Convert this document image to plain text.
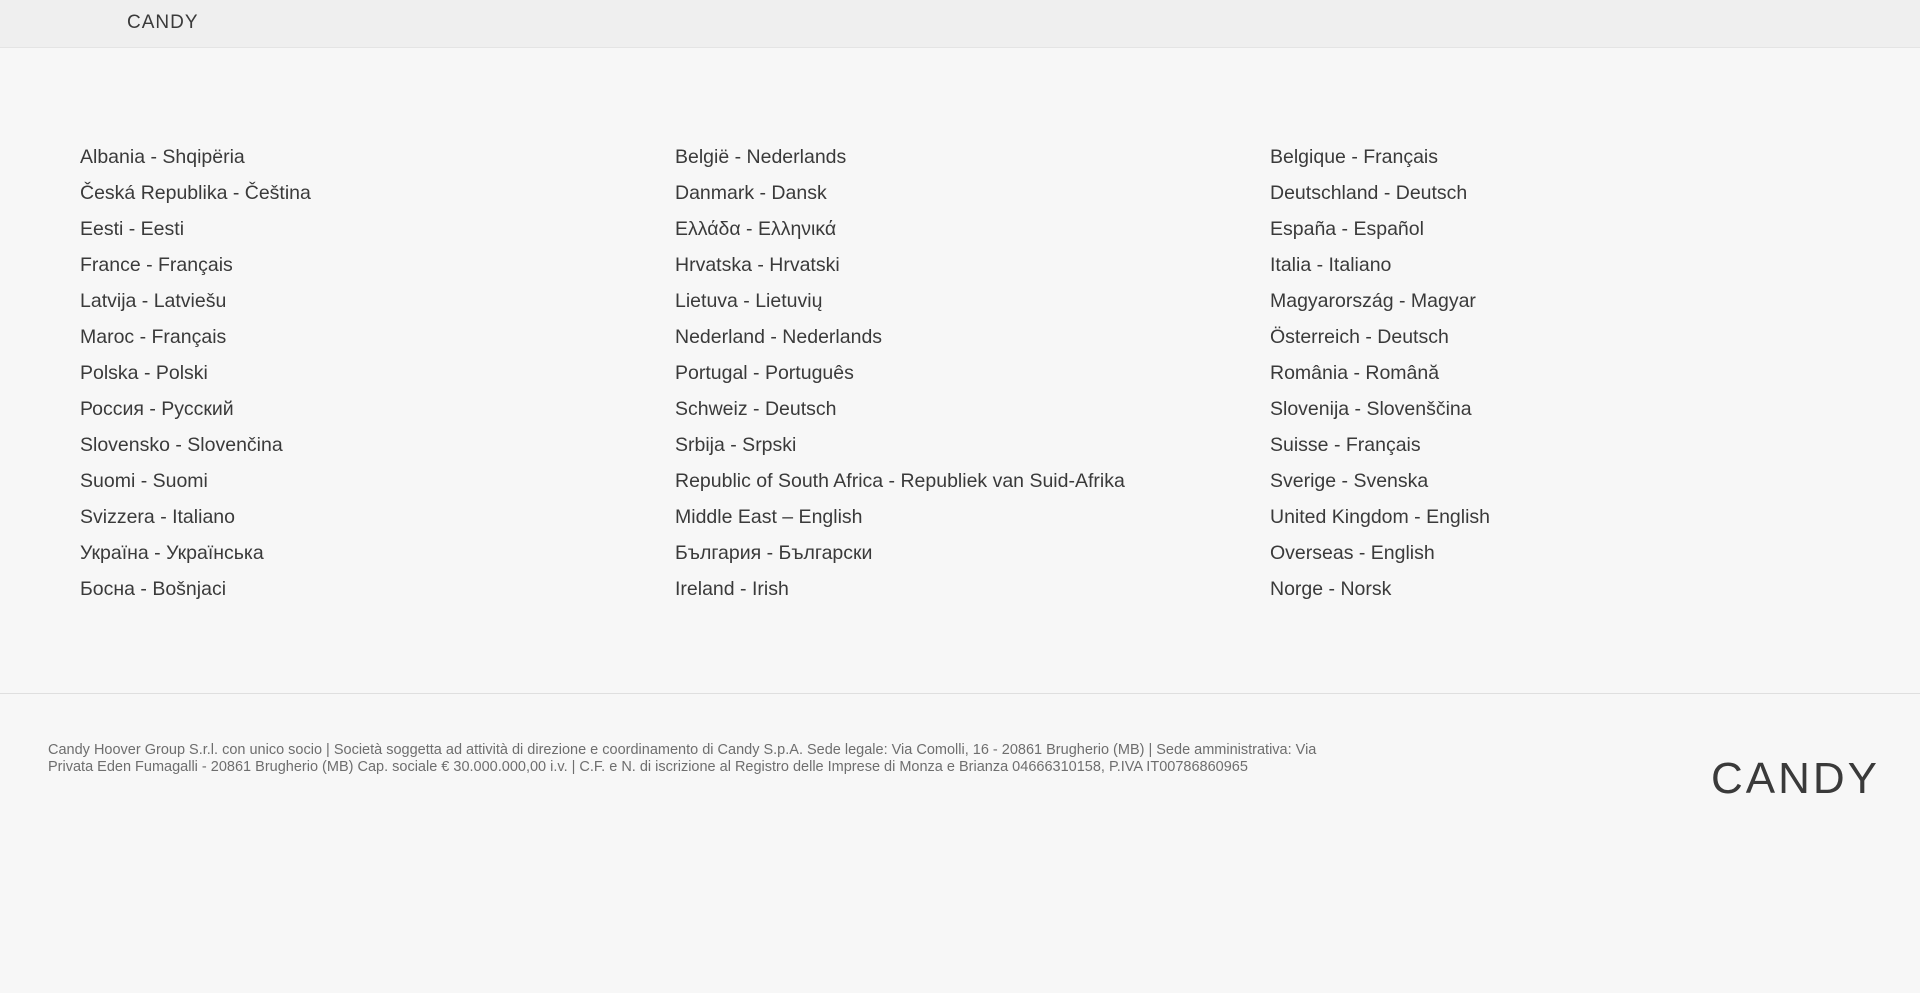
CANDY
Albania - Shqipëria
Česká Republika - Čeština
Eesti - Eesti
France - Français
Latvija - Latviešu
Maroc - Français
Polska - Polski
Россия - Русский
Slovensko - Slovenčina
Suomi - Suomi
Svizzera - Italiano
Україна - Українська
Босна - Bošnjaci
België - Nederlands
Danmark - Dansk
Ελλάδα - Ελληνικά
Hrvatska - Hrvatski
Lietuva - Lietuvių
Nederland - Nederlands
Portugal - Português
Schweiz - Deutsch
Srbija - Srpski
Republic of South Africa - Republiek van Suid-Afrika
Middle East – English
България - Български
Ireland - Irish
Belgique - Français
Deutschland - Deutsch
España - Español
Italia - Italiano
Magyarország - Magyar
Österreich - Deutsch
România - Română
Slovenija - Slovenščina
Suisse - Français
Sverige - Svenska
United Kingdom - English
Overseas - English
Norge - Norsk
Candy Hoover Group S.r.l. con unico socio | Società soggetta ad attività di direzione e coordinamento di Candy S.p.A. Sede legale: Via Comolli, 16 - 20861 Brugherio (MB) | Sede amministrativa: Via
Privata Eden Fumagalli - 20861 Brugherio (MB) Cap. sociale € 30.000.000,00 i.v. | C.F. e N. di iscrizione al Registro delle Imprese di Monza e Brianza 04666310158, P.IVA IT00786860965	CANDY
